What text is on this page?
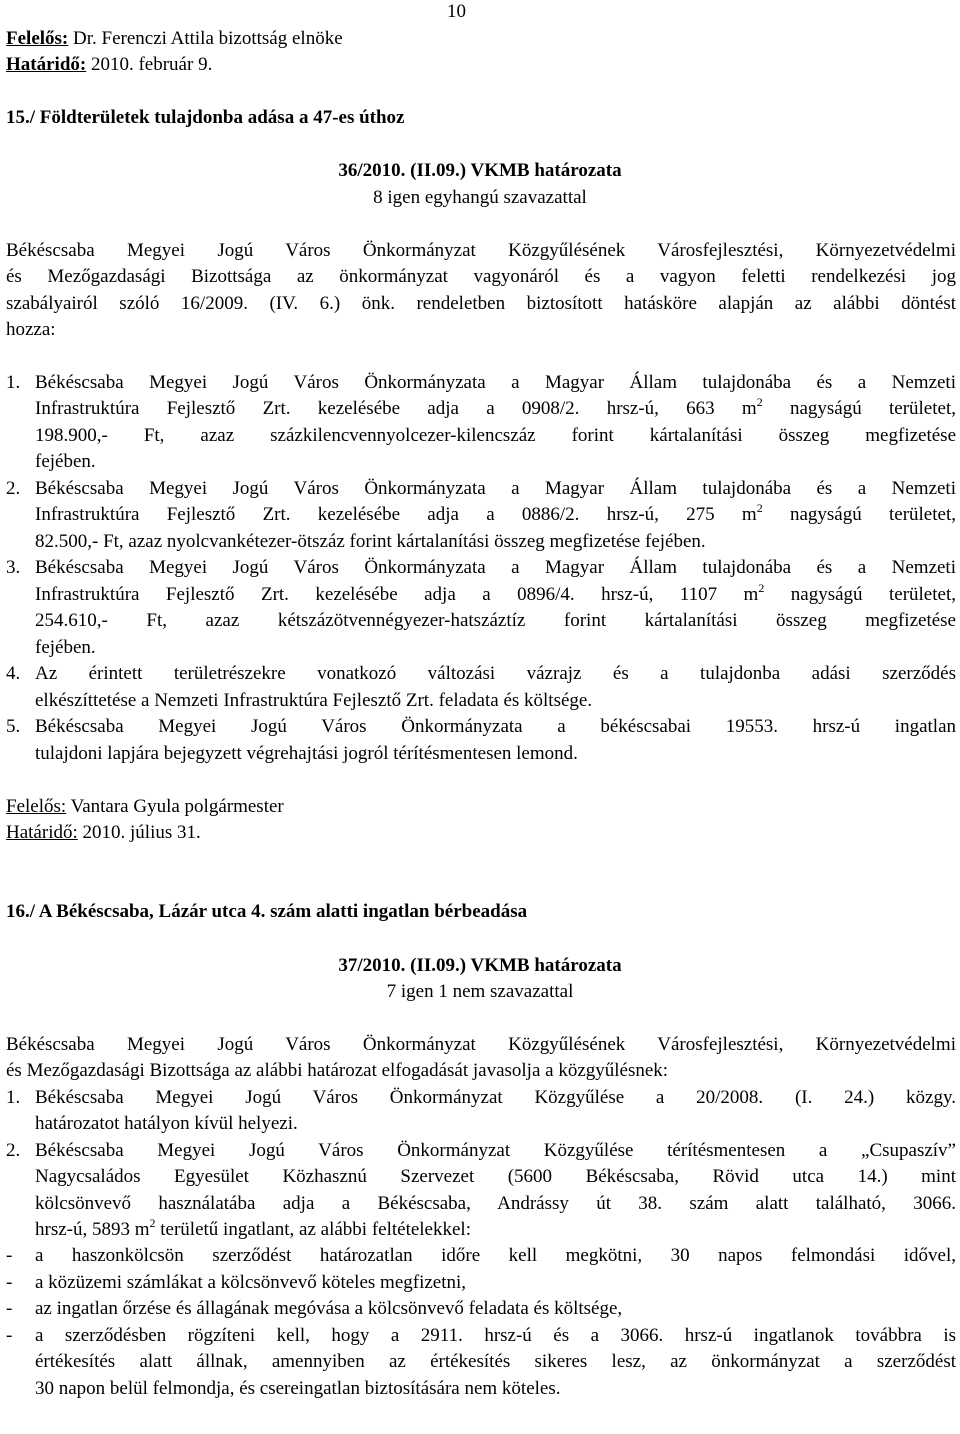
10
Felelős: Dr. Ferenczi Attila bizottság elnöke
Határidő: 2010. február 9.
15./ Földterületek tulajdonba adása a 47-es úthoz
36/2010. (II.09.) VKMB határozata
8 igen egyhangú szavazattal
Békéscsaba Megyei Jogú Város Önkormányzat Közgyűlésének Városfejlesztési, Környezetvédelmi
és Mezőgazdasági Bizottsága az önkormányzat vagyonáról és a vagyon feletti rendelkezési jog
szabályairól szóló 16/2009. (IV. 6.) önk. rendeletben biztosított hatásköre alapján az alábbi döntést
hozza:
1. Békéscsaba Megyei Jogú Város Önkormányzata a Magyar Állam tulajdonába és a Nemzeti
Infrastruktúra Fejlesztő Zrt. kezelésébe adja a 0908/2. hrsz-ú, 663 $m^2$ nagyságú területet,
198.900,- Ft, azaz százkilencvennyolcezer-kilencszáz forint kártalanítási összeg megfizetése
fejében.
2. Békéscsaba Megyei Jogú Város Önkormányzata a Magyar Állam tulajdonába és a Nemzeti
Infrastruktúra Fejlesztő Zrt. kezelésébe adja a 0886/2. hrsz-ú, 275 $m^2$ nagyságú területet,
82.500,- Ft, azaz nyolcvankétezer-ötszáz forint kártalanítási összeg megfizetése fejében.
3. Békéscsaba Megyei Jogú Város Önkormányzata a Magyar Állam tulajdonába és a Nemzeti
Infrastruktúra Fejlesztő Zrt. kezelésébe adja a 0896/4. hrsz-ú, 1107 $m^2$ nagyságú területet,
254.610,- Ft, azaz kétszázötvennégyezer-hatszáztíz forint kártalanítási összeg megfizetése
fejében.
4. Az érintett területrészekre vonatkozó változási vázrajz és a tulajdonba adási szerződés
elkészíttetése a Nemzeti Infrastruktúra Fejlesztő Zrt. feladata és költsége.
5. Békéscsaba Megyei Jogú Város Önkormányzata a békéscsabai 19553. hrsz-ú ingatlan
tulajdoni lapjára bejegyzett végrehajtási jogról térítésmentesen lemond.
Felelős: Vantara Gyula polgármester
Határidő: 2010. július 31.
16./ A Békéscsaba, Lázár utca 4. szám alatti ingatlan bérbeadása
37/2010. (II.09.) VKMB határozata
7 igen 1 nem szavazattal
Békéscsaba Megyei Jogú Város Önkormányzat Közgyűlésének Városfejlesztési, Környezetvédelmi
és Mezőgazdasági Bizottsága az alábbi határozat elfogadását javasolja a közgyűlésnek:
1. Békéscsaba Megyei Jogú Város Önkormányzat Közgyűlése a 20/2008. (I. 24.) közgy.
határozatot hatályon kívül helyezi.
2. Békéscsaba Megyei Jogú Város Önkormányzat Közgyűlése térítésmentesen a „Csupaszív”
Nagycsaládos Egyesület Közhasznú Szervezet (5600 Békéscsaba, Rövid utca 14.) mint
kölcsönvevő használatába adja a Békéscsaba, Andrássy út 38. szám alatt található, 3066.
hrsz-ú, 5893 $m^2$ területű ingatlant, az alábbi feltételekkel:
- a haszonkölcsön szerződést határozatlan időre kell megkötni, 30 napos felmondási idővel,
- a közüzemi számlákat a kölcsönvevő köteles megfizetni,
- az ingatlan őrzése és állagának megóvása a kölcsönvevő feladata és költsége,
- a szerződésben rögzíteni kell, hogy a 2911. hrsz-ú és a 3066. hrsz-ú ingatlanok továbbra is
értékesítés alatt állnak, amennyiben az értékesítés sikeres lesz, az önkormányzat a szerződést
30 napon belül felmondja, és csereingatlan biztosítására nem köteles.
